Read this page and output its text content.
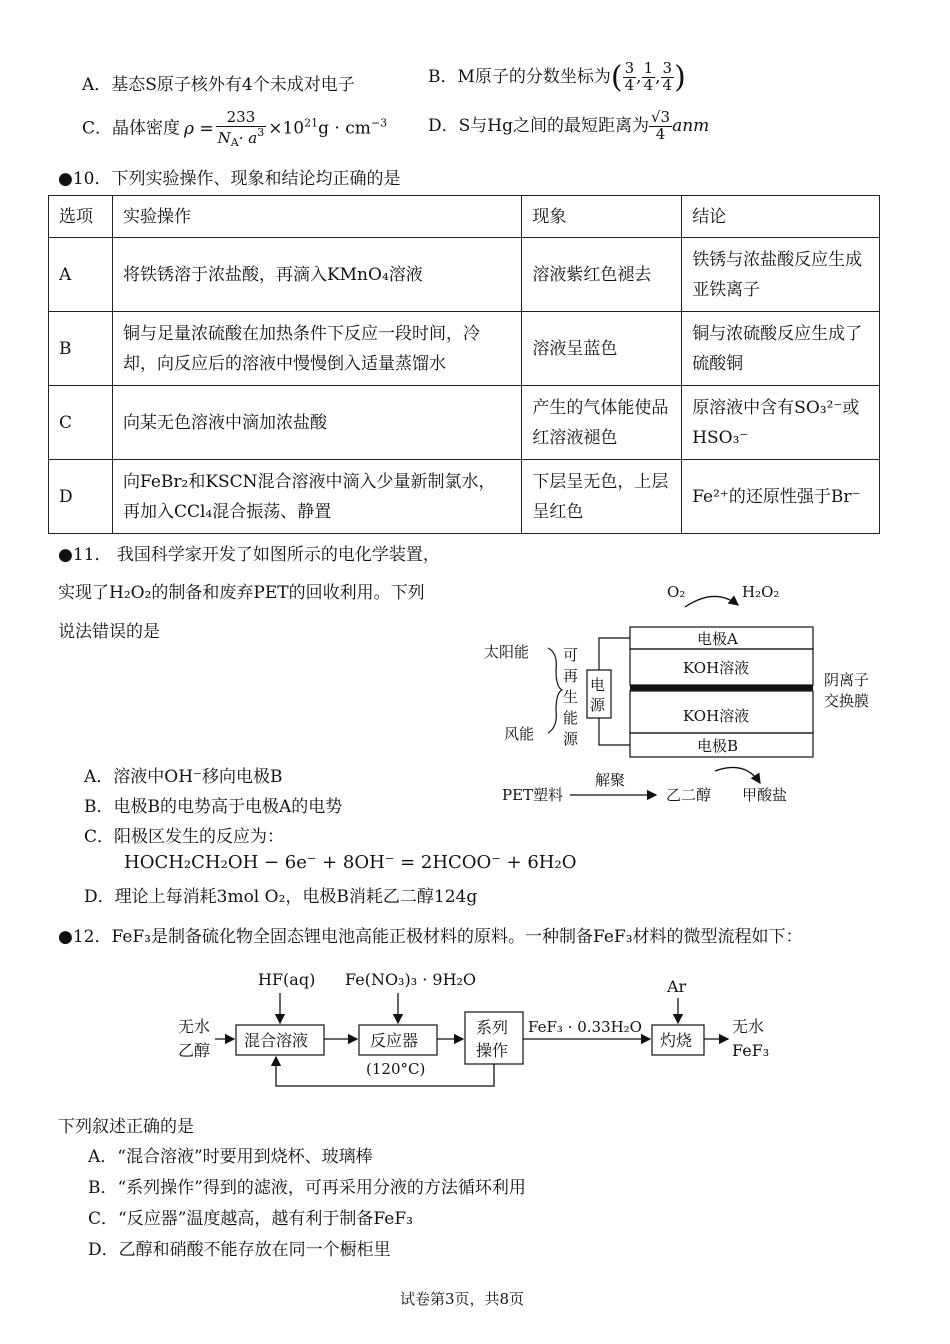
A．基态S原子核外有4个未成对电子	B．M原子的分数坐标为( $\frac{3}{4}$ , $\frac{1}{4}$ , $\frac{3}{4}$ )
C．晶体密度 $\rho = \frac{233}{N_A\cdot a^3} \times 10^{21}g \cdot cm^{-3}$ D．S与Hg之间的最短距离为 $\frac{√3}{4}$ anm
●10．下列实验操作、现象和结论均正确的是
选项	实验操作	现象	结论
A	将铁锈溶于浓盐酸，再滴入KMnO₄溶液	溶液紫红色褪去	铁锈与浓盐酸反应生成亚铁离子
B	铜与足量浓硫酸在加热条件下反应一段时间，冷却，向反应后的溶液中慢慢倒入适量蒸馏水	溶液呈蓝色	铜与浓硫酸反应生成了硫酸铜
C	向某无色溶液中滴加浓盐酸	产生的气体能使品红溶液褪色	原溶液中含有SO₃²⁻或HSO₃⁻
D	向FeBr₂和KSCN混合溶液中滴入少量新制氯水，再加入CCl₄混合振荡、静置	下层呈无色，上层呈红色	Fe²⁺的还原性强于Br⁻
●11． 我国科学家开发了如图所示的电化学装置，
实现了H₂O₂的制备和废弃PET的回收利用。下列
说法错误的是
A．溶液中OH⁻移向电极B
B．电极B的电势高于电极A的电势
C．阳极区发生的反应为：
HOCH₂CH₂OH − 6e⁻ + 8OH⁻ = 2HCOO⁻ + 6H₂O
D．理论上每消耗3mol O₂，电极B消耗乙二醇124g
O₂	H₂O₂
电极A
KOH溶液
KOH溶液
电极B
电
源
可
再
生
能
源
太阳能
风能
阴离子
交换膜
PET塑料
解聚
乙二醇 甲酸盐
●12．FeF₃是制备硫化物全固态锂电池高能正极材料的原料。一种制备FeF₃材料的微型流程如下：
无水
乙醇
混合溶液
HF(aq)
反应器
(120°C)
Fe(NO₃)₃ · 9H₂O
系列
操作
FeF₃ · 0.33H₂O
灼烧
Ar
无水
FeF₃
下列叙述正确的是
A．“混合溶液”时要用到烧杯、玻璃棒
B．“系列操作”得到的滤液，可再采用分液的方法循环利用
C．“反应器”温度越高，越有利于制备FeF₃
D．乙醇和硝酸不能存放在同一个橱柜里
试卷第3页，共8页
